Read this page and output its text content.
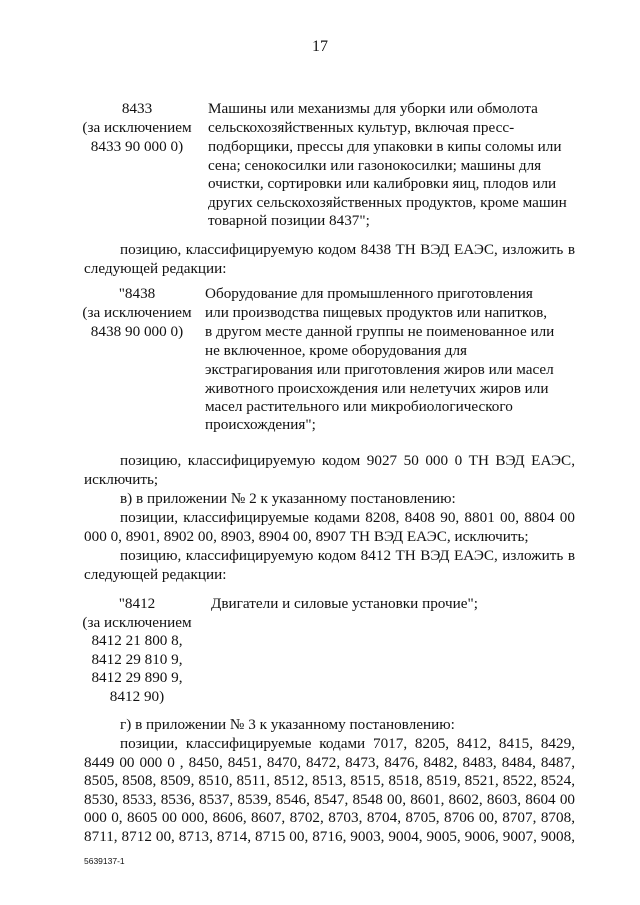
17
8433
(за исключением
8433 90 000 0)
Машины или механизмы для уборки или обмолота
сельскохозяйственных культур, включая пресс-
подборщики, прессы для упаковки в кипы соломы или
сена; сенокосилки или газонокосилки; машины для
очистки, сортировки или калибровки яиц, плодов или
других сельскохозяйственных продуктов, кроме машин
товарной позиции 8437";
позицию, классифицируемую кодом 8438 ТН ВЭД ЕАЭС, изложить в
следующей редакции:
"8438
(за исключением
8438 90 000 0)
Оборудование для промышленного приготовления
или производства пищевых продуктов или напитков,
в другом месте данной группы не поименованное или
не включенное, кроме оборудования для
экстрагирования или приготовления жиров или масел
животного происхождения или нелетучих жиров или
масел растительного или микробиологического
происхождения";
позицию, классифицируемую кодом 9027 50 000 0 ТН ВЭД ЕАЭС,
исключить;
в) в приложении № 2 к указанному постановлению:
позиции, классифицируемые кодами 8208, 8408 90, 8801 00, 8804 00
000 0, 8901, 8902 00, 8903, 8904 00, 8907 ТН ВЭД ЕАЭС, исключить;
позицию, классифицируемую кодом 8412 ТН ВЭД ЕАЭС, изложить в
следующей редакции:
"8412
(за исключением
8412 21 800 8,
8412 29 810 9,
8412 29 890 9,
8412 90)
Двигатели и силовые установки прочие";
г) в приложении № 3 к указанному постановлению:
позиции, классифицируемые кодами 7017, 8205, 8412, 8415, 8429,
8449 00 000 0 , 8450, 8451, 8470, 8472, 8473, 8476, 8482, 8483, 8484, 8487,
8505, 8508, 8509, 8510, 8511, 8512, 8513, 8515, 8518, 8519, 8521, 8522, 8524,
8530, 8533, 8536, 8537, 8539, 8546, 8547, 8548 00, 8601, 8602, 8603, 8604 00
000 0, 8605 00 000, 8606, 8607, 8702, 8703, 8704, 8705, 8706 00, 8707, 8708,
8711, 8712 00, 8713, 8714, 8715 00, 8716, 9003, 9004, 9005, 9006, 9007, 9008,
5639137-1
